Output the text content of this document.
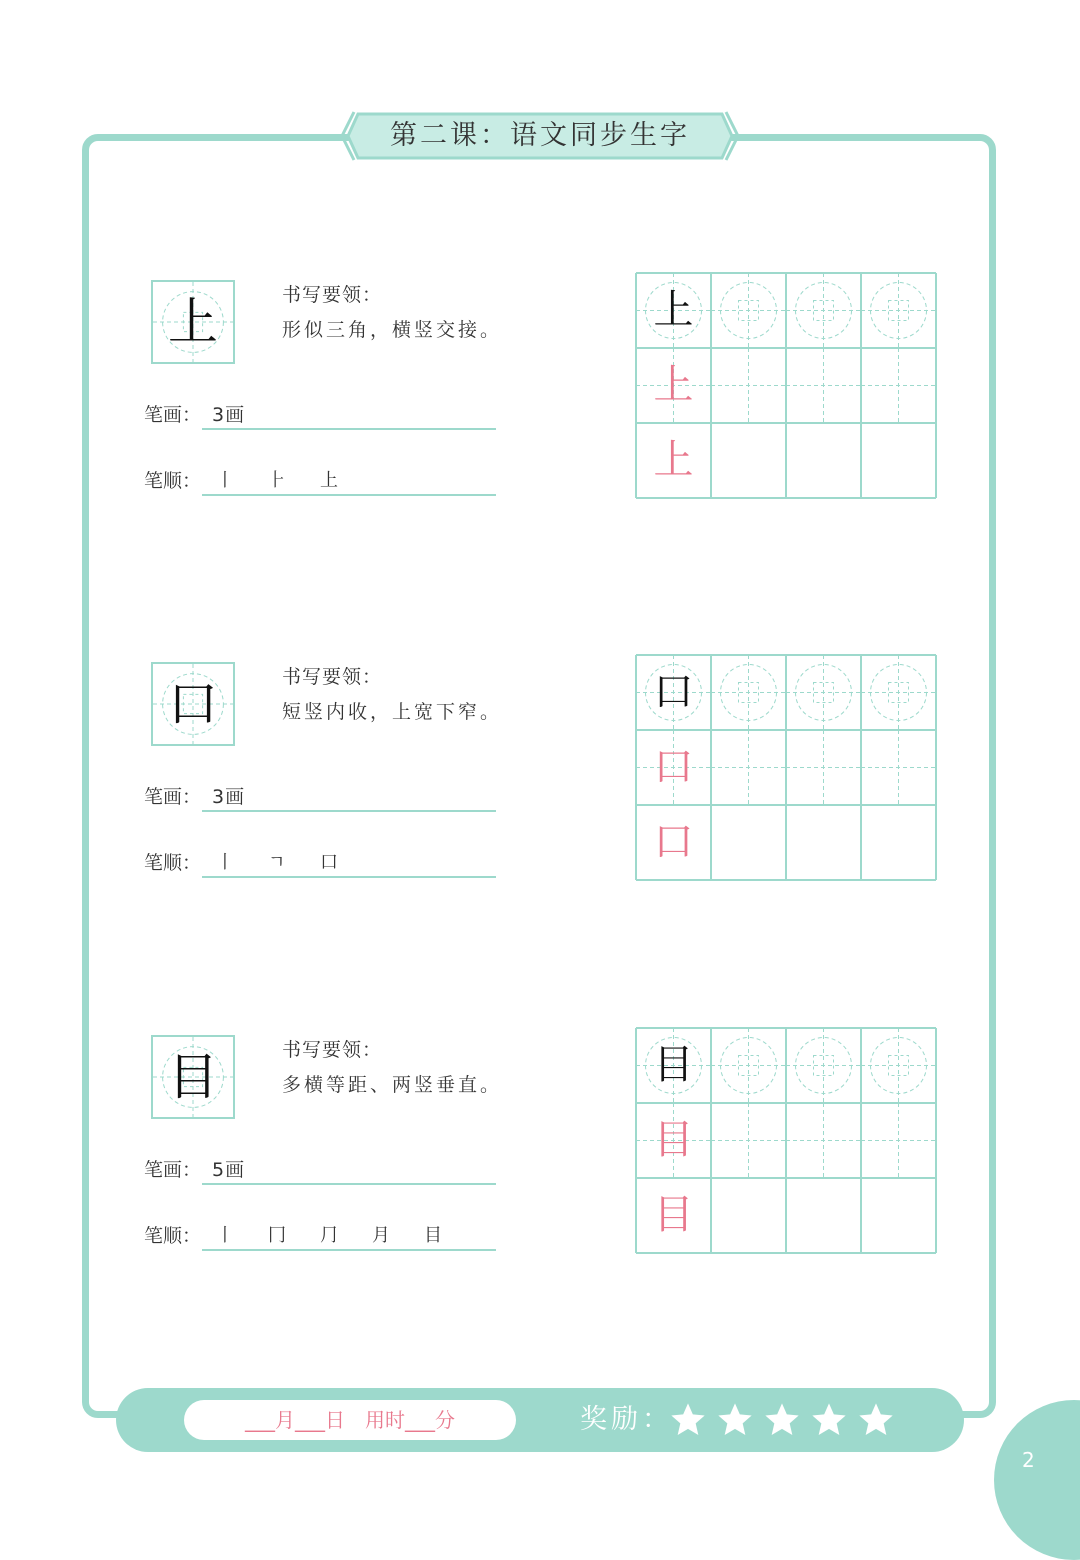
第二课：语文同步生字
上	书写要领：
形似三角，横竖交接。
笔画： 3画
笔顺： 丨	⺊	上
上
上
上
口	书写要领：
短竖内收，上宽下窄。
笔画： 3画
笔顺： 丨	ㄱ	口
口
口
口
目	书写要领：
多横等距、两竖垂直。
笔画： 5画
笔顺： 丨	冂	⺆	月	目
目
目
目
___月___日　用时___分	奖励：
2
